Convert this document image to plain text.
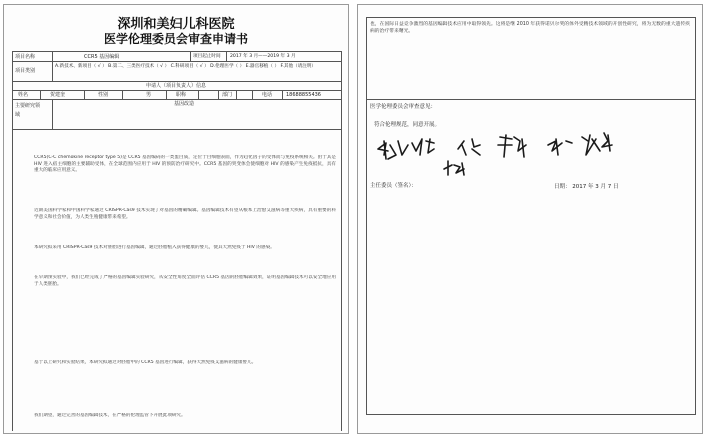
深圳和美妇儿科医院
医学伦理委员会审查申请书
项目名称	CCR5 基因编辑	项目起止时间 2017 年 3 月——2019 年 3 月
项目类别
A.新技术、新项目（ √ ） B.第二、三类医疗技术（ √ ） C.科研项目（ √ ） D.伦理医学（ ） E.器官移植（ ） F.其他（请注明）
申请人（项目负责人）信息
姓名	贺建奎	性别	男	职称	部门	电话	18688855436
主要研究领域
基因改造
CCR5(C-C chemokine receptor type 5)是 CCR5 基因编码的一类蛋白质，定位于白细胞表面，作为趋化因子的受体而与免疫系统相关。由于其是 HIV 进入宿主细胞的主要辅助受体，在全球范围内应用于 HIV 的预防治疗研究中。CCR5 基因的突变体会使细胞对 HIV 的感染产生免疫抵抗，具有重大的临床应用意义。
近期美国科学家和中国科学家通过 CRISPR-Cas9 技术实现了对基因的精确编辑。基因编辑技术有望从根本上治愈艾滋病等重大疾病，具有重要的科学意义和社会价值，为人类生殖健康带来希望。
本研究拟采用 CRISPR-Cas9 技术对胚胎进行基因编辑，通过胚胎植入获得健康的婴儿，使其天然免疫于 HIV 的感染。
在早期预实验中，我们已经完成了严格的基因编辑实验研究，从安全性角度全面评估 CCR5 基因的胚胎编辑效果，证明基因编辑技术可以安全地应用于人类胚胎。
基于以上研究和实验结果，本研究拟通过对胚胎中的 CCR5 基因进行编辑，获得天然免疫艾滋病的健康婴儿。
我们期望，通过完善的基因编辑技术，在严格的伦理监管下开展此项研究。
也，在国际日益竞争激烈的基因编辑技术应用中取得领先。这将是继 2010 年获得诺贝尔奖的体外受精技术领域的开创性研究，将为无数的重大遗传疾病的治疗带来曙光。
医学伦理委员会审查意见：
符合伦理规范，同意开展。
主任委员（签名）：	日期： 2017 年 3 月 7 日
